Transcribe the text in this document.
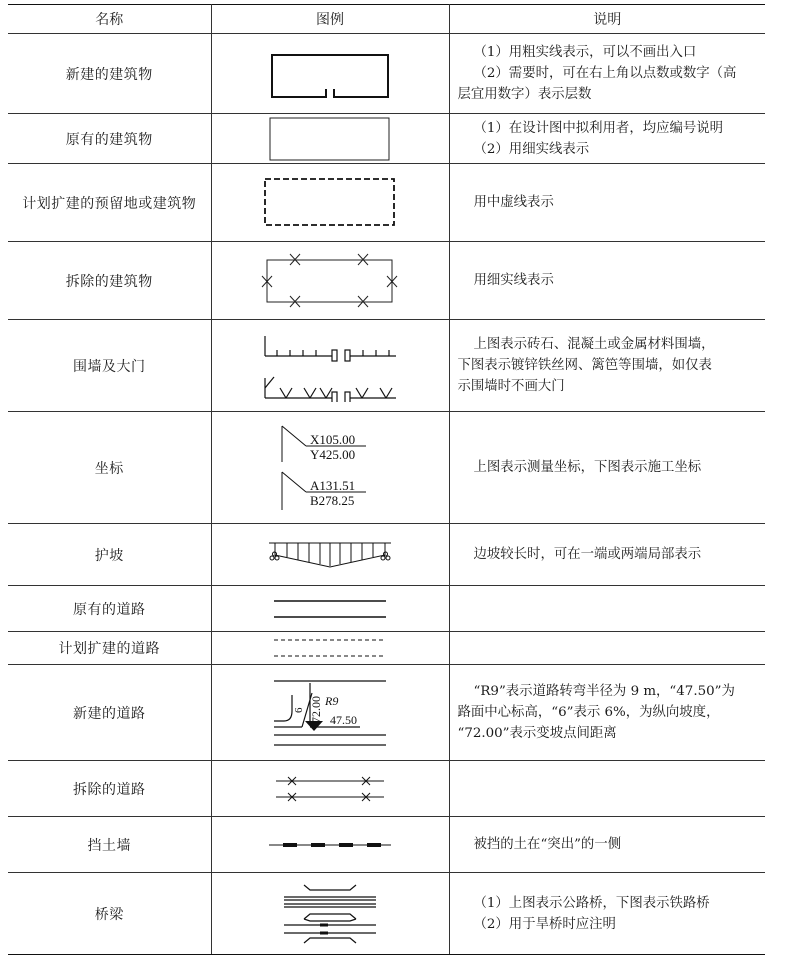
名称	图例	说明
新建的建筑物		（1）用粗实线表示，可以不画出入口
（2）需要时，可在右上角以点数或数字（高
层宜用数字）表示层数

原有的建筑物		（1）在设计图中拟利用者，均应编号说明
（2）用细实线表示

计划扩建的预留地或建筑物		用中虚线表示

拆除的建筑物		用细实线表示

围墙及大门		上图表示砖石、混凝土或金属材料围墙，
下图表示镀锌铁丝网、篱笆等围墙，如仅表
示围墙时不画大门

坐标	X105.00
Y425.00
A131.51
B278.25	上图表示测量坐标，下图表示施工坐标

护坡		边坡较长时，可在一端或两端局部表示

原有的道路		
计划扩建的道路		
新建的道路	6 72.00 R9
47.50	“R9”表示道路转弯半径为 9 m，“47.50”为
路面中心标高，“6”表示 6%，为纵向坡度，
“72.00”表示变坡点间距离

拆除的道路		
挡土墙		被挡的土在“突出”的一侧

桥梁		（1）上图表示公路桥，下图表示铁路桥
（2）用于旱桥时应注明
